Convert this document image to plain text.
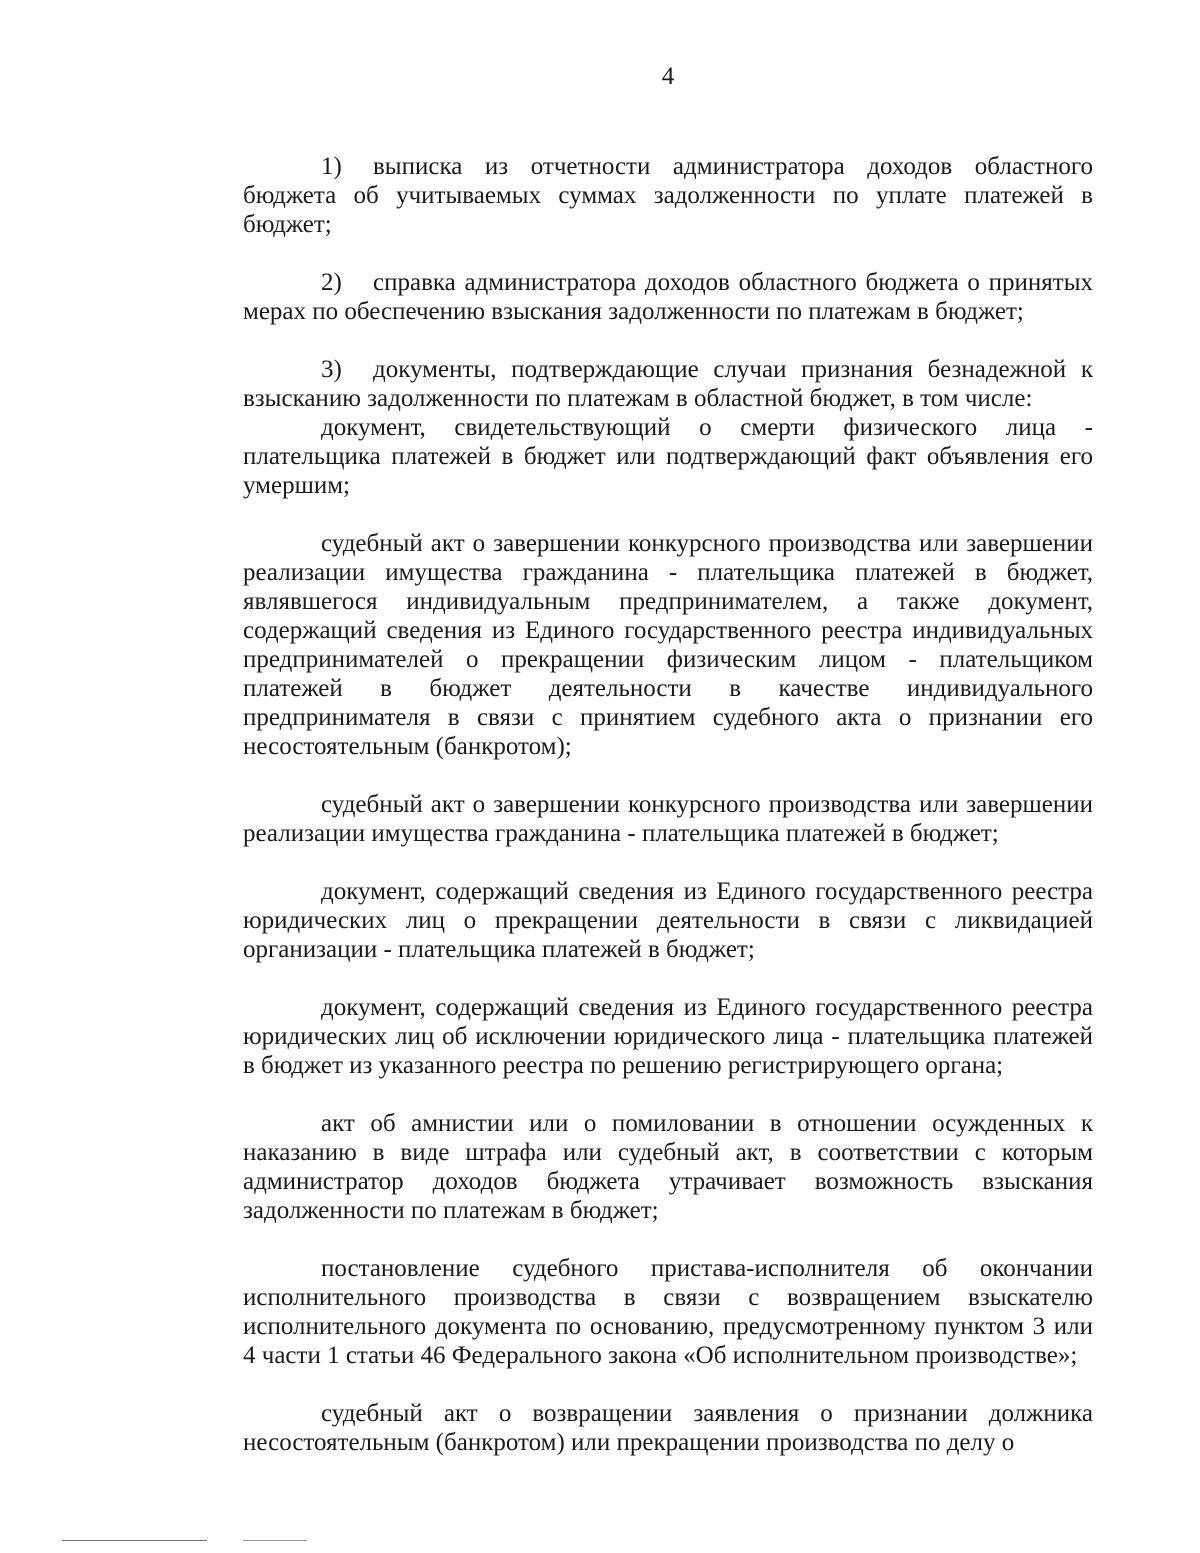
4

1) выписка из отчетности администратора доходов областного бюджета об учитываемых суммах задолженности по уплате платежей в бюджет;

2) справка администратора доходов областного бюджета о принятых мерах по обеспечению взыскания задолженности по платежам в бюджет;

3) документы, подтверждающие случаи признания безнадежной к взысканию задолженности по платежам в областной бюджет, в том числе:

документ, свидетельствующий о смерти физического лица - плательщика платежей в бюджет или подтверждающий факт объявления его умершим;

судебный акт о завершении конкурсного производства или завершении реализации имущества гражданина - плательщика платежей в бюджет, являвшегося индивидуальным предпринимателем, а также документ, содержащий сведения из Единого государственного реестра индивидуальных предпринимателей о прекращении физическим лицом - плательщиком платежей в бюджет деятельности в качестве индивидуального предпринимателя в связи с принятием судебного акта о признании его несостоятельным (банкротом);

судебный акт о завершении конкурсного производства или завершении реализации имущества гражданина - плательщика платежей в бюджет;

документ, содержащий сведения из Единого государственного реестра юридических лиц о прекращении деятельности в связи с ликвидацией организации - плательщика платежей в бюджет;

документ, содержащий сведения из Единого государственного реестра юридических лиц об исключении юридического лица - плательщика платежей в бюджет из указанного реестра по решению регистрирующего органа;

акт об амнистии или о помиловании в отношении осужденных к наказанию в виде штрафа или судебный акт, в соответствии с которым администратор доходов бюджета утрачивает возможность взыскания задолженности по платежам в бюджет;

постановление судебного пристава-исполнителя об окончании исполнительного производства в связи с возвращением взыскателю исполнительного документа по основанию, предусмотренному пунктом 3 или 4 части 1 статьи 46 Федерального закона «Об исполнительном производстве»;

судебный акт о возвращении заявления о признании должника несостоятельным (банкротом) или прекращении производства по делу о
